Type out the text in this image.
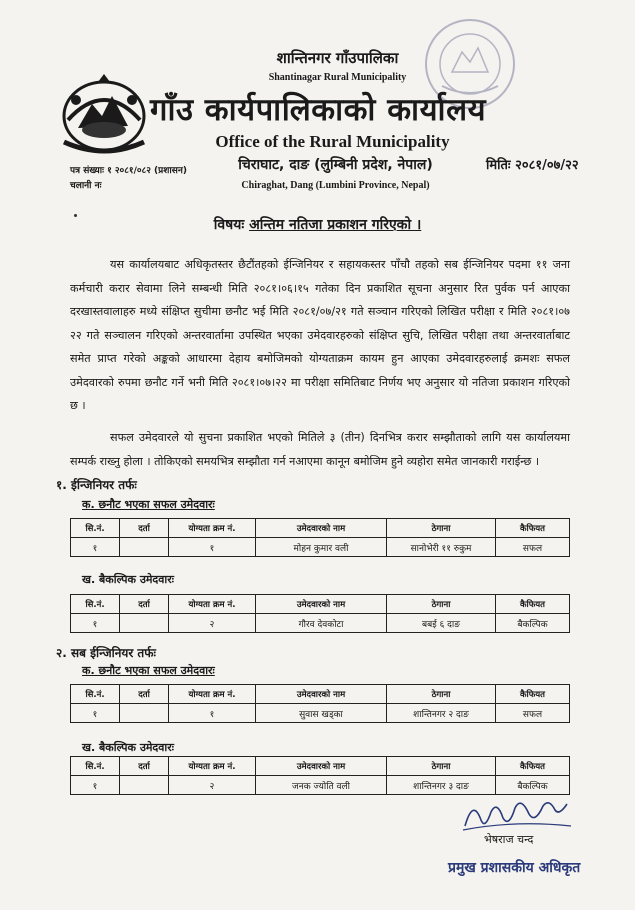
शान्तिनगर गाँउपालिका
Shantinagar Rural Municipality
गाँउ कार्यपालिकाको कार्यालय
Office of the Rural Municipality
चिराघाट, दाङ (लुम्बिनी प्रदेश, नेपाल)
Chiraghat, Dang (Lumbini Province, Nepal)
पत्र संख्याः १ २०८१/०८२ (प्रशासन)
चलानी नः
मितिः २०८१/०७/२२
विषयः अन्तिम नतिजा प्रकाशन गरिएको ।
यस कार्यालयबाट अधिकृतस्तर छैटौंतहको ईन्जिनियर र सहायकस्तर पाँचौ तहको सब ईन्जिनियर पदमा ११ जना कर्मचारी करार सेवामा लिने सम्बन्धी मिति २०८१।०६।१५ गतेका दिन प्रकाशित सूचना अनुसार रित पुर्वक पर्न आएका दरखास्तवालाहरु मध्ये संक्षिप्त सुचीमा छनौट भई मिति २०८१/०७/२१ गते सञ्चान गरिएको लिखित परीक्षा र मिति २०८१।०७ २२ गते सञ्चालन गरिएको अन्तरवार्तामा उपस्थित भएका उमेदवारहरुको संक्षिप्त सुचि, लिखित परीक्षा तथा अन्तरवार्ताबाट समेत प्राप्त गरेको अङ्कको आधारमा देहाय बमोजिमको योग्यताक्रम कायम हुन आएका उमेदवारहरुलाई क्रमशः सफल उमेदवारको रुपमा छनौट गर्ने भनी मिति २०८१।०७।२२ मा परीक्षा समितिबाट निर्णय भए अनुसार यो नतिजा प्रकाशन गरिएको छ ।
सफल उमेदवारले यो सुचना प्रकाशित भएको मितिले ३ (तीन) दिनभित्र करार सम्झौताको लागि यस कार्यालयमा सम्पर्क राख्नु होला । तोकिएको समयभित्र सम्झौता गर्न नआएमा कानून बमोजिम हुने व्यहोरा समेत जानकारी गराईन्छ ।
१. ईन्जिनियर तर्फः
क. छनौट भएका सफल उमेदवारः
सि.नं.	दर्ता	योग्यता क्रम नं.	उमेदवारको नाम	ठेगाना	कैफियत
१		१	मोहन कुमार वली	सानोभेरी ११ रुकुम	सफल
ख. बैकल्पिक उमेदवारः
सि.नं.	दर्ता	योग्यता क्रम नं.	उमेदवारको नाम	ठेगाना	कैफियत
१		२	गौरव देवकोटा	बबई ६ दाङ	बैकल्पिक
२. सब ईन्जिनियर तर्फः
क. छनौट भएका सफल उमेदवारः
सि.नं.	दर्ता	योग्यता क्रम नं.	उमेदवारको नाम	ठेगाना	कैफियत
१		१	सुवास खड्का	शान्तिनगर २ दाङ	सफल
ख. बैकल्पिक उमेदवारः
सि.नं.	दर्ता	योग्यता क्रम नं.	उमेदवारको नाम	ठेगाना	कैफियत
१		२	जनक ज्योति वली	शान्तिनगर ३ दाङ	बैकल्पिक
भेषराज चन्द
प्रमुख प्रशासकीय अधिकृत
